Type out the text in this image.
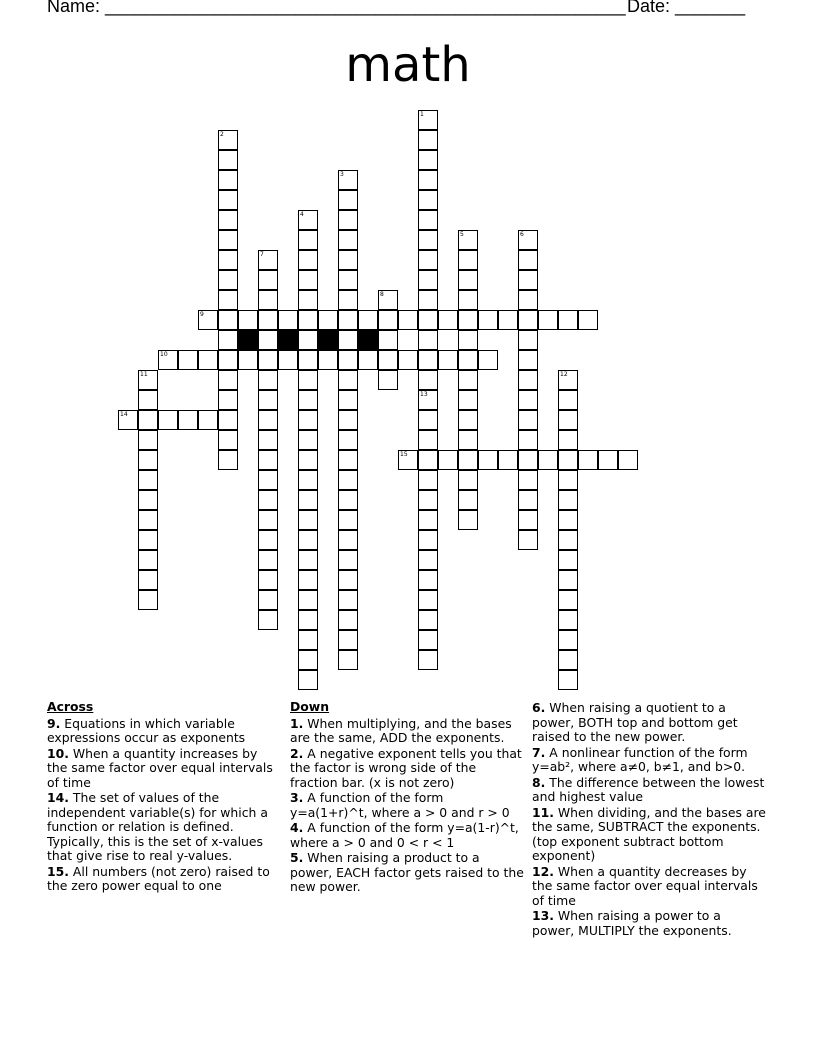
Name: ____________________________________________________ Date: _______
math
1
13
2
3
4
5	6
7
8
11	12
9
10
14
15
Across
9. Equations in which variable expressions occur as exponents
10. When a quantity increases by the same factor over equal intervals of time
14. The set of values of the independent variable(s) for which a function or relation is defined. Typically, this is the set of x-values that give rise to real y-values.
15. All numbers (not zero) raised to the zero power equal to one
Down
1. When multiplying, and the bases are the same, ADD the exponents.
2. A negative exponent tells you that the factor is wrong side of the fraction bar. (x is not zero)
3. A function of the form y=a(1+r)^t, where a > 0 and r > 0
4. A function of the form y=a(1-r)^t, where a > 0 and 0 < r < 1
5. When raising a product to a power, EACH factor gets raised to the new power.
6. When raising a quotient to a power, BOTH top and bottom get raised to the new power.
7. A nonlinear function of the form y=ab², where a≠0, b≠1, and b>0.
8. The difference between the lowest and highest value
11. When dividing, and the bases are the same, SUBTRACT the exponents. (top exponent subtract bottom exponent)
12. When a quantity decreases by the same factor over equal intervals of time
13. When raising a power to a power, MULTIPLY the exponents.
